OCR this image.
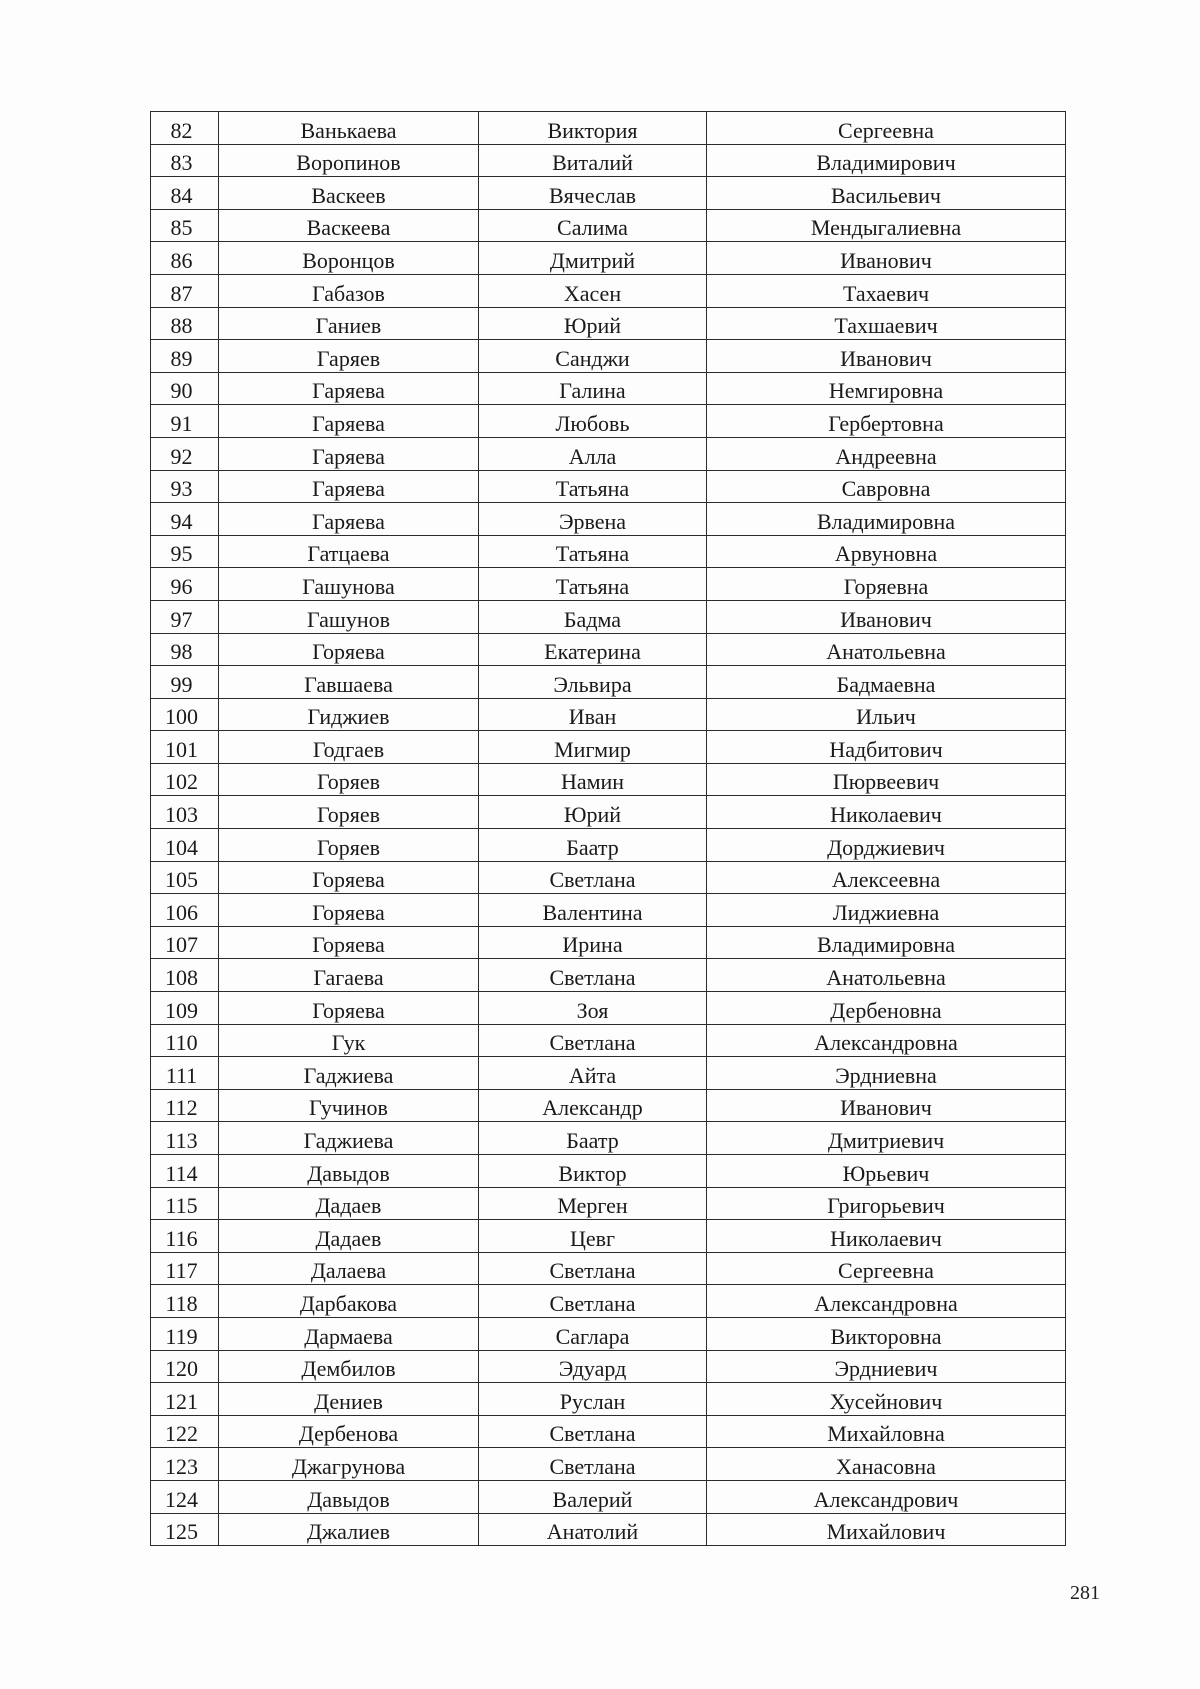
82	Ванькаева	Виктория	Сергеевна
83	Воропинов	Виталий	Владимирович
84	Васкеев	Вячеслав	Васильевич
85	Васкеева	Салима	Мендыгалиевна
86	Воронцов	Дмитрий	Иванович
87	Габазов	Хасен	Тахаевич
88	Ганиев	Юрий	Тахшаевич
89	Гаряев	Санджи	Иванович
90	Гаряева	Галина	Немгировна
91	Гаряева	Любовь	Гербертовна
92	Гаряева	Алла	Андреевна
93	Гаряева	Татьяна	Савровна
94	Гаряева	Эрвена	Владимировна
95	Гатцаева	Татьяна	Арвуновна
96	Гашунова	Татьяна	Горяевна
97	Гашунов	Бадма	Иванович
98	Горяева	Екатерина	Анатольевна
99	Гавшаева	Эльвира	Бадмаевна
100	Гиджиев	Иван	Ильич
101	Годгаев	Мигмир	Надбитович
102	Горяев	Намин	Пюрвеевич
103	Горяев	Юрий	Николаевич
104	Горяев	Баатр	Дорджиевич
105	Горяева	Светлана	Алексеевна
106	Горяева	Валентина	Лиджиевна
107	Горяева	Ирина	Владимировна
108	Гагаева	Светлана	Анатольевна
109	Горяева	Зоя	Дербеновна
110	Гук	Светлана	Александровна
111	Гаджиева	Айта	Эрдниевна
112	Гучинов	Александр	Иванович
113	Гаджиева	Баатр	Дмитриевич
114	Давыдов	Виктор	Юрьевич
115	Дадаев	Мерген	Григорьевич
116	Дадаев	Цевг	Николаевич
117	Далаева	Светлана	Сергеевна
118	Дарбакова	Светлана	Александровна
119	Дармаева	Саглара	Викторовна
120	Дембилов	Эдуард	Эрдниевич
121	Дениев	Руслан	Хусейнович
122	Дербенова	Светлана	Михайловна
123	Джагрунова	Светлана	Ханасовна
124	Давыдов	Валерий	Александрович
125	Джалиев	Анатолий	Михайлович
281
